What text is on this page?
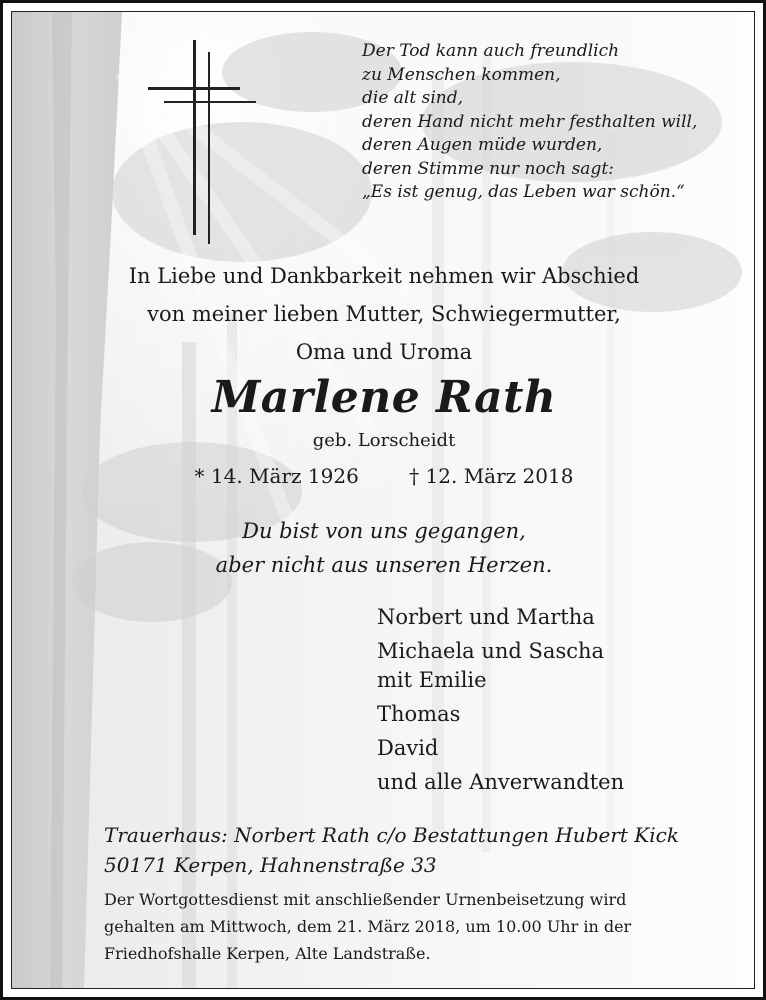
Der Tod kann auch freundlich
zu Menschen kommen,
die alt sind,
deren Hand nicht mehr festhalten will,
deren Augen müde wurden,
deren Stimme nur noch sagt:
„Es ist genug, das Leben war schön.“
In Liebe und Dankbarkeit nehmen wir Abschied
von meiner lieben Mutter, Schwiegermutter,
Oma und Uroma
Marlene Rath
geb. Lorscheidt
* 14. März 1926	† 12. März 2018
Du bist von uns gegangen,
aber nicht aus unseren Herzen.
Norbert und Martha
Michaela und Sascha
mit Emilie
Thomas
David
und alle Anverwandten
Trauerhaus: Norbert Rath c/o Bestattungen Hubert Kick
50171 Kerpen, Hahnenstraße 33
Der Wortgottesdienst mit anschließender Urnenbeisetzung wird
gehalten am Mittwoch, dem 21. März 2018, um 10.00 Uhr in der
Friedhofshalle Kerpen, Alte Landstraße.
